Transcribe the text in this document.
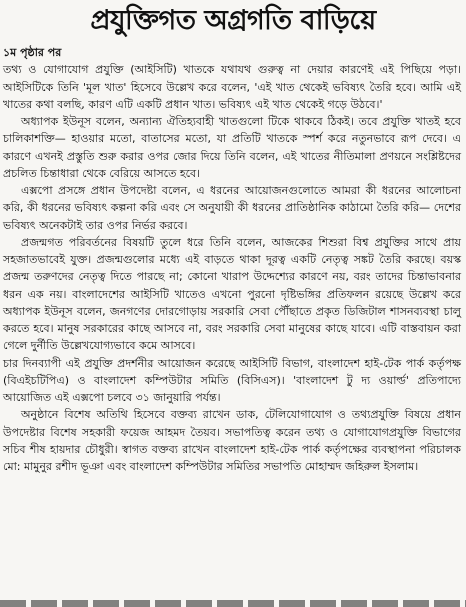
প্রযুক্তিগত অগ্রগতি বাড়িয়ে

১ম পৃষ্ঠার পর
তথ্য ও যোগাযোগ প্রযুক্তি (আইসিটি) খাতকে যথাযথ গুরুত্ব না দেয়ার কারণেই এই পিছিয়ে পড়া। আইসিটিকে তিনি 'মূল খাত' হিসেবে উল্লেখ করে বলেন, 'এই খাত থেকেই ভবিষ্যৎ তৈরি হবে। আমি এই খাতের কথা বলছি, কারণ এটি একটি প্রধান খাত। ভবিষ্যৎ এই খাত থেকেই গড়ে উঠবে।'

অধ্যাপক ইউনূস বলেন, অন্যান্য ঐতিহ্যবাহী খাতগুলো টিকে থাকবে ঠিকই। তবে প্রযুক্তি খাতই হবে চালিকাশক্তি— হাওয়ার মতো, বাতাসের মতো, যা প্রতিটি খাতকে স্পর্শ করে নতুনভাবে রূপ দেবে। এ কারণে এখনই প্রস্তুতি শুরু করার ওপর জোর দিয়ে তিনি বলেন, এই খাতের নীতিমালা প্রণয়নে সংশ্লিষ্টদের প্রচলিত চিন্তাধারা থেকে বেরিয়ে আসতে হবে।

এক্সপো প্রসঙ্গে প্রধান উপদেষ্টা বলেন, এ ধরনের আয়োজনগুলোতে আমরা কী ধরনের আলোচনা করি, কী ধরনের ভবিষ্যৎ কল্পনা করি এবং সে অনুযায়ী কী ধরনের প্রাতিষ্ঠানিক কাঠামো তৈরি করি— দেশের ভবিষ্যৎ অনেকটাই তার ওপর নির্ভর করবে।

প্রজন্মগত পরিবর্তনের বিষয়টি তুলে ধরে তিনি বলেন, আজকের শিশুরা বিশ্ব প্রযুক্তির সাথে প্রায় সহজাতভাবেই যুক্ত। প্রজন্মগুলোর মধ্যে এই বাড়তে থাকা দূরত্ব একটি নেতৃত্ব সঙ্কট তৈরি করছে। বয়স্ক প্রজন্ম তরুণদের নেতৃত্ব দিতে পারছে না; কোনো খারাপ উদ্দেশ্যের কারণে নয়, বরং তাদের চিন্তাভাবনার ধরন এক নয়। বাংলাদেশের আইসিটি খাতেও এখনো পুরনো দৃষ্টিভঙ্গির প্রতিফলন রয়েছে উল্লেখ করে অধ্যাপক ইউনূস বলেন, জনগণের দোরগোড়ায় সরকারি সেবা পৌঁছাতে প্রকৃত ডিজিটাল শাসনব্যবস্থা চালু করতে হবে। মানুষ সরকারের কাছে আসবে না, বরং সরকারি সেবা মানুষের কাছে যাবে। এটি বাস্তবায়ন করা গেলে দুর্নীতি উল্লেখযোগ্যভাবে কমে আসবে।

চার দিনব্যাপী এই প্রযুক্তি প্রদর্শনীর আয়োজন করেছে আইসিটি বিভাগ, বাংলাদেশ হাই-টেক পার্ক কর্তৃপক্ষ (বিএইচটিপিএ) ও বাংলাদেশ কম্পিউটার সমিতি (বিসিএস)। 'বাংলাদেশ টু দ্য ওয়ার্ল্ড' প্রতিপাদ্যে আয়োজিত এই এক্সপো চলবে ৩১ জানুয়ারি পর্যন্ত।

অনুষ্ঠানে বিশেষ অতিথি হিসেবে বক্তব্য রাখেন ডাক, টেলিযোগাযোগ ও তথ্যপ্রযুক্তি বিষয়ে প্রধান উপদেষ্টার বিশেষ সহকারী ফয়েজ আহমদ তৈয়ব। সভাপতিত্ব করেন তথ্য ও যোগাযোগপ্রযুক্তি বিভাগের সচিব শীষ হায়দার চৌধুরী। স্বাগত বক্তব্য রাখেন বাংলাদেশ হাই-টেক পার্ক কর্তৃপক্ষের ব্যবস্থাপনা পরিচালক মো: মামুনুর রশীদ ভূঞা এবং বাংলাদেশ কম্পিউটার সমিতির সভাপতি মোহাম্মদ জহিরুল ইসলাম।
